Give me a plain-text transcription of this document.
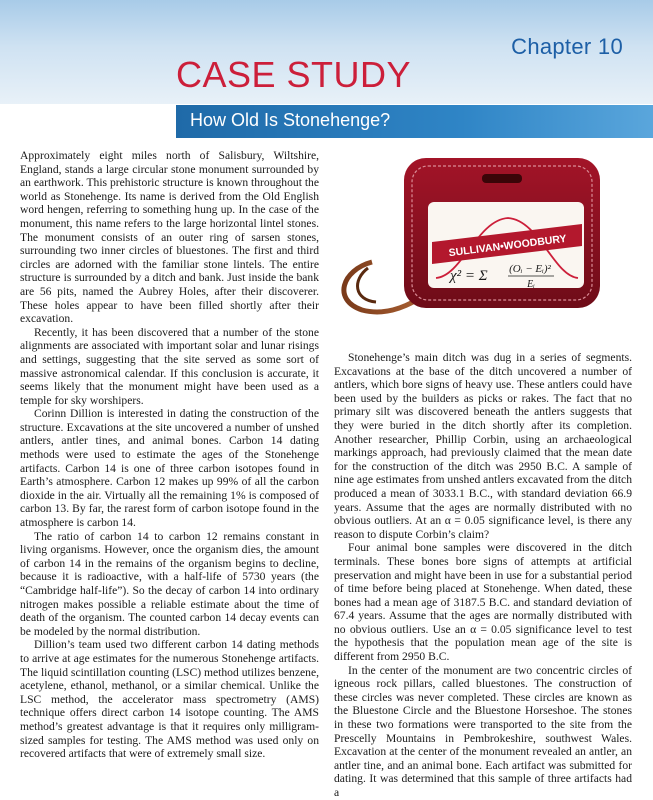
Chapter 10
CASE STUDY
How Old Is Stonehenge?

Approximately eight miles north of Salisbury, Wiltshire, England, stands a large circular stone monument surrounded by an earthwork. This prehistoric structure is known throughout the world as Stonehenge. Its name is derived from the Old English word hengen, referring to something hung up. In the case of the monument, this name refers to the large horizontal lintel stones. The monument consists of an outer ring of sarsen stones, surrounding two inner circles of bluestones. The first and third circles are adorned with the familiar stone lintels. The entire structure is surrounded by a ditch and bank. Just inside the bank are 56 pits, named the Aubrey Holes, after their discoverer. These holes appear to have been filled shortly after their excavation.

Recently, it has been discovered that a number of the stone alignments are associated with important solar and lunar risings and settings, suggesting that the site served as some sort of massive astronomical calendar. If this conclusion is accurate, it seems likely that the monument might have been used as a temple for sky worshipers.

Corinn Dillion is interested in dating the construction of the structure. Excavations at the site uncovered a number of unshed antlers, antler tines, and animal bones. Carbon 14 dating methods were used to estimate the ages of the Stonehenge artifacts. Carbon 14 is one of three carbon isotopes found in Earth’s atmosphere. Carbon 12 makes up 99% of all the carbon dioxide in the air. Virtually all the remaining 1% is composed of carbon 13. By far, the rarest form of carbon isotope found in the atmosphere is carbon 14.

The ratio of carbon 14 to carbon 12 remains constant in living organisms. However, once the organism dies, the amount of carbon 14 in the remains of the organism begins to decline, because it is radioactive, with a half-life of 5730 years (the “Cambridge half-life”). So the decay of carbon 14 into ordinary nitrogen makes possible a reliable estimate about the time of death of the organism. The counted carbon 14 decay events can be modeled by the normal distribution.

Dillion’s team used two different carbon 14 dating methods to arrive at age estimates for the numerous Stonehenge artifacts. The liquid scintillation counting (LSC) method utilizes benzene, acetylene, ethanol, methanol, or a similar chemical. Unlike the LSC method, the accelerator mass spectrometry (AMS) technique offers direct carbon 14 isotope counting. The AMS method’s greatest advantage is that it requires only milligram-sized samples for testing. The AMS method was used only on recovered artifacts that were of extremely small size.

SULLIVAN•WOODBURY
χ² = Σ (Oᵢ − Eᵢ)²
Eᵢ

Stonehenge’s main ditch was dug in a series of segments. Excavations at the base of the ditch uncovered a number of antlers, which bore signs of heavy use. These antlers could have been used by the builders as picks or rakes. The fact that no primary silt was discovered beneath the antlers suggests that they were buried in the ditch shortly after its completion. Another researcher, Phillip Corbin, using an archaeological markings approach, had previously claimed that the mean date for the construction of the ditch was 2950 B.C. A sample of nine age estimates from unshed antlers excavated from the ditch produced a mean of 3033.1 B.C., with standard deviation 66.9 years. Assume that the ages are normally distributed with no obvious outliers. At an α = 0.05 significance level, is there any reason to dispute Corbin’s claim?

Four animal bone samples were discovered in the ditch terminals. These bones bore signs of attempts at artificial preservation and might have been in use for a substantial period of time before being placed at Stonehenge. When dated, these bones had a mean age of 3187.5 B.C. and standard deviation of 67.4 years. Assume that the ages are normally distributed with no obvious outliers. Use an α = 0.05 significance level to test the hypothesis that the population mean age of the site is different from 2950 B.C.

In the center of the monument are two concentric circles of igneous rock pillars, called bluestones. The construction of these circles was never completed. These circles are known as the Bluestone Circle and the Bluestone Horseshoe. The stones in these two formations were transported to the site from the Prescelly Mountains in Pembrokeshire, southwest Wales. Excavation at the center of the monument revealed an antler, an antler tine, and an animal bone. Each artifact was submitted for dating. It was determined that this sample of three artifacts had a
